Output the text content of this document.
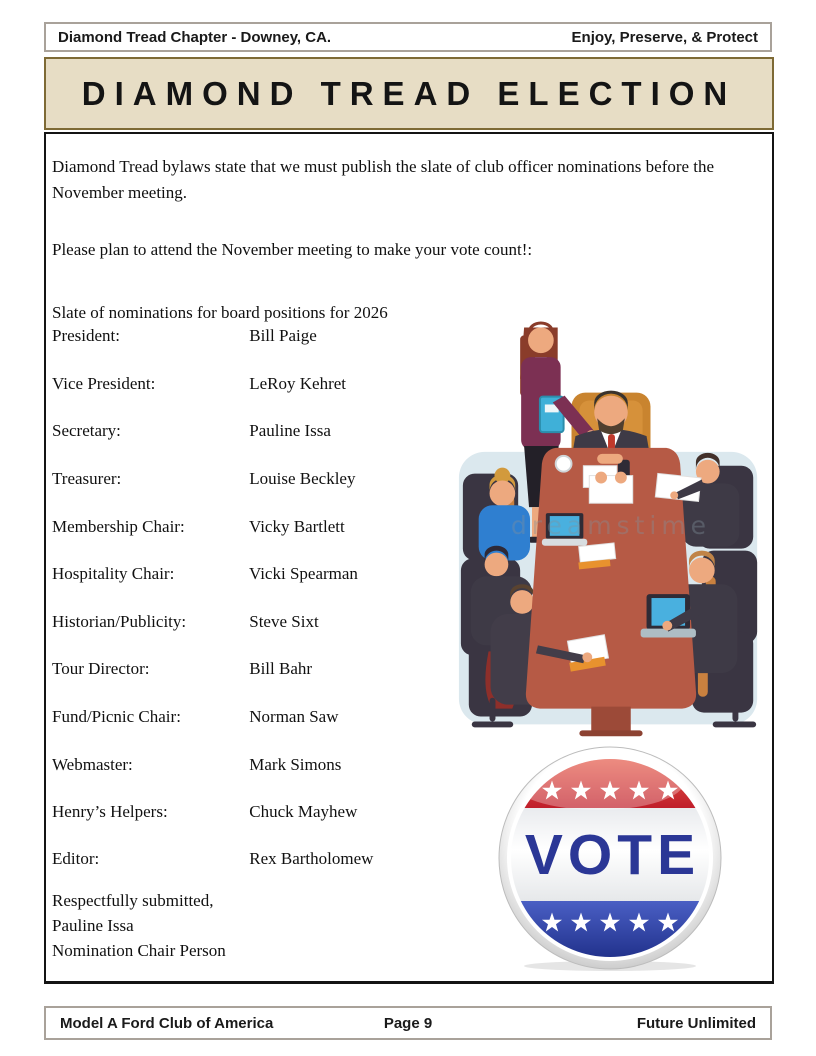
Diamond Tread Chapter - Downey, CA.	Enjoy, Preserve, & Protect
DIAMOND TREAD ELECTION

Diamond Tread bylaws state that we must publish the slate of club officer nominations before the November meeting.

Please plan to attend the November meeting to make your vote count!:

Slate of nominations for board positions for 2026

President:	Bill Paige
Vice President:	LeRoy Kehret
Secretary:	Pauline Issa
Treasurer:	Louise Beckley
Membership Chair:	Vicky Bartlett
Hospitality Chair:	Vicki Spearman
Historian/Publicity:	Steve Sixt
Tour Director:	Bill Bahr
Fund/Picnic Chair:	Norman Saw
Webmaster:	Mark Simons
Henry’s Helpers:	Chuck Mayhew
Editor:	Rex Bartholomew
Respectfully submitted,
Pauline Issa
Nomination Chair Person
dreamstime
VOTE
Model A Ford Club of America	Page 9	Future Unlimited
